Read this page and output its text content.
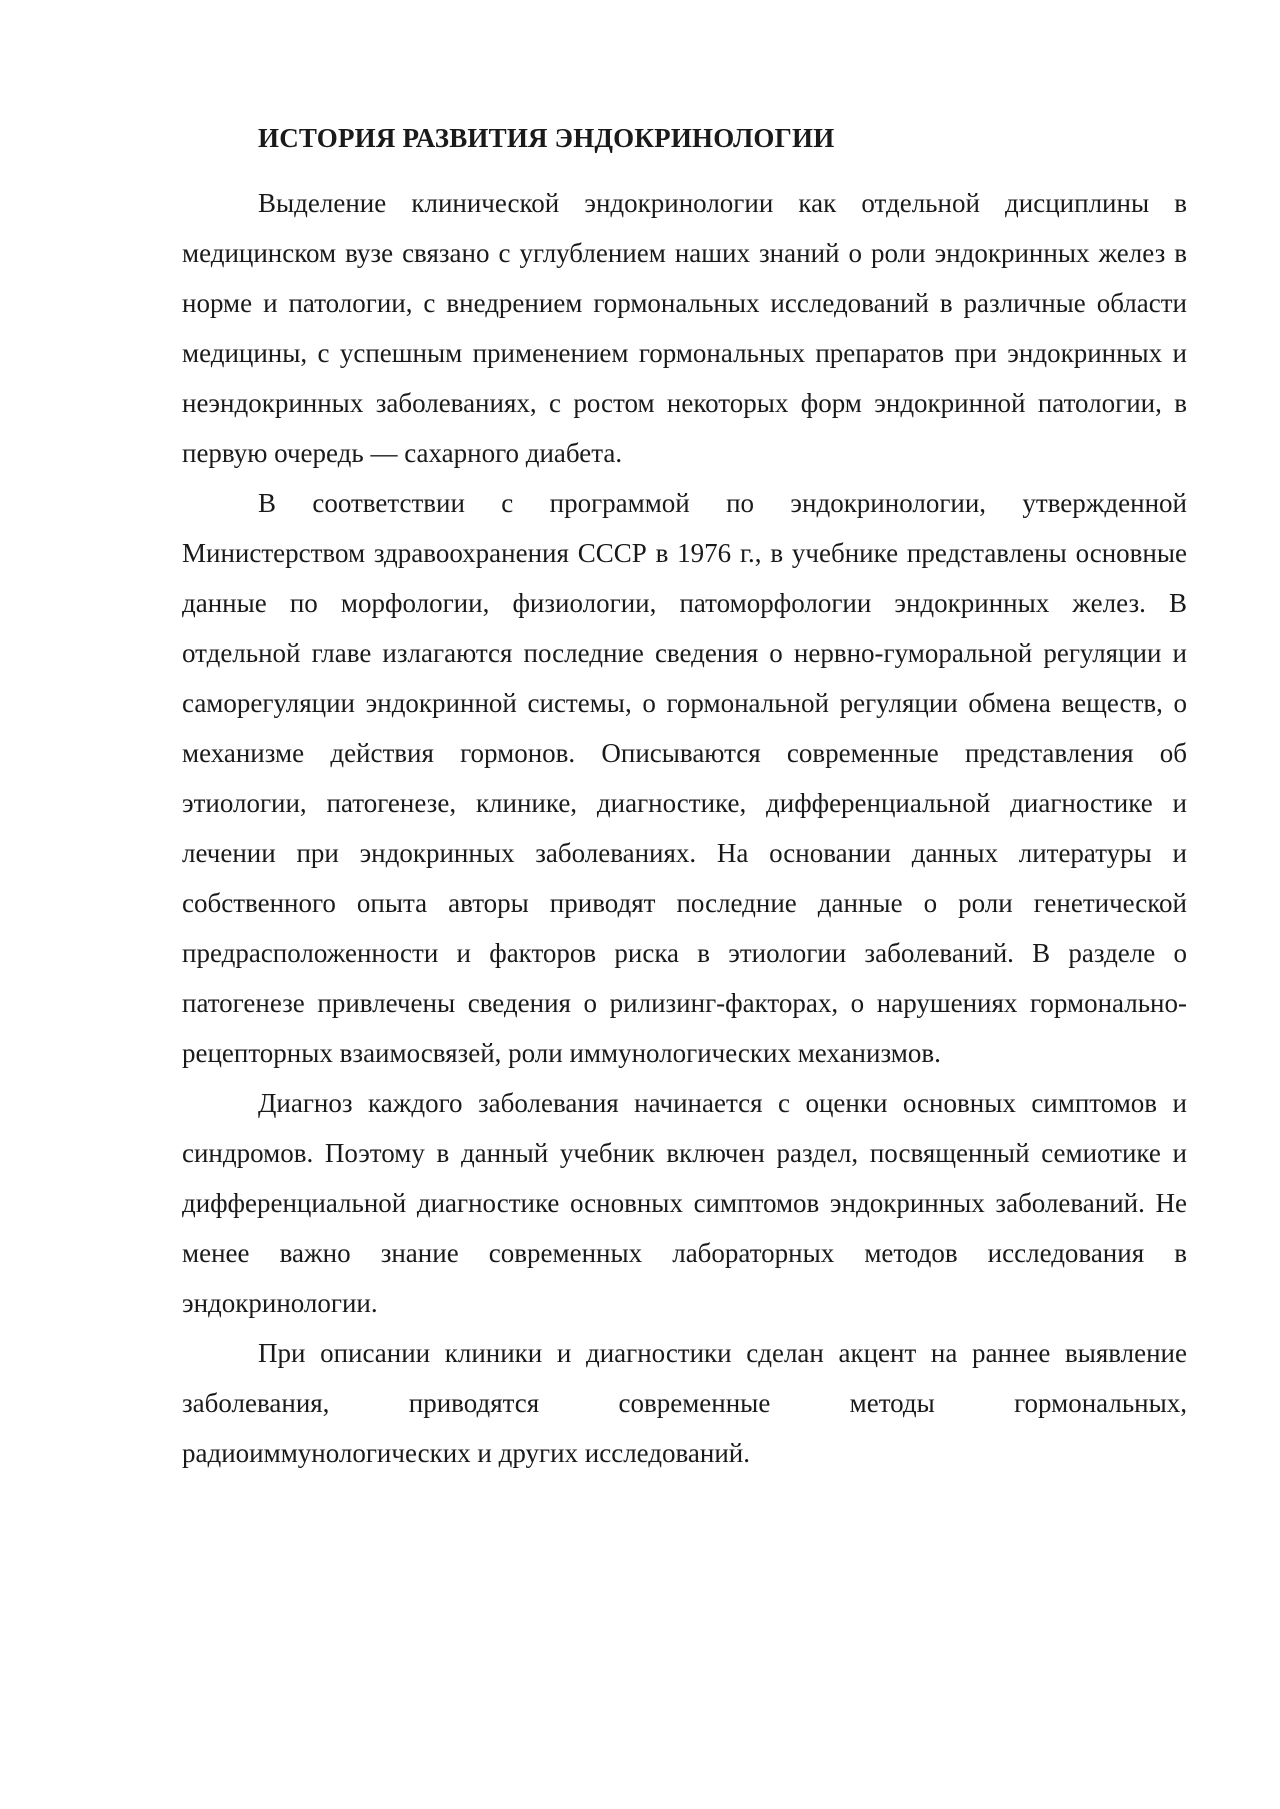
ИСТОРИЯ РАЗВИТИЯ ЭНДОКРИНОЛОГИИ

Выделение клинической эндокринологии как отдельной дисциплины в медицинском вузе связано с углублением наших знаний о роли эндокринных желез в норме и патологии, с внедрением гормональных исследований в различные области медицины, с успешным применением гормональных препаратов при эндокринных и неэндокринных заболеваниях, с ростом некоторых форм эндокринной патологии, в первую очередь — сахарного диабета.

В соответствии с программой по эндокринологии, утвержденной Министерством здравоохранения СССР в 1976 г., в учебнике представлены основные данные по морфологии, физиологии, патоморфологии эндокринных желез. В отдельной главе излагаются последние сведения о нервно-гуморальной регуляции и саморегуляции эндокринной системы, о гормональной регуляции обмена веществ, о механизме действия гормонов. Описываются современные представления об этиологии, патогенезе, клинике, диагностике, дифференциальной диагностике и лечении при эндокринных заболеваниях. На основании данных литературы и собственного опыта авторы приводят последние данные о роли генетической предрасположенности и факторов риска в этиологии заболеваний. В разделе о патогенезе привлечены сведения о рилизинг-факторах, о нарушениях гормонально-рецепторных взаимосвязей, роли иммунологических механизмов.

Диагноз каждого заболевания начинается с оценки основных симптомов и синдромов. Поэтому в данный учебник включен раздел, посвященный семиотике и дифференциальной диагностике основных симптомов эндокринных заболеваний. Не менее важно знание современных лабораторных методов исследования в эндокринологии.

При описании клиники и диагностики сделан акцент на раннее выявление заболевания, приводятся современные методы гормональных, радиоиммунологических и других исследований.
